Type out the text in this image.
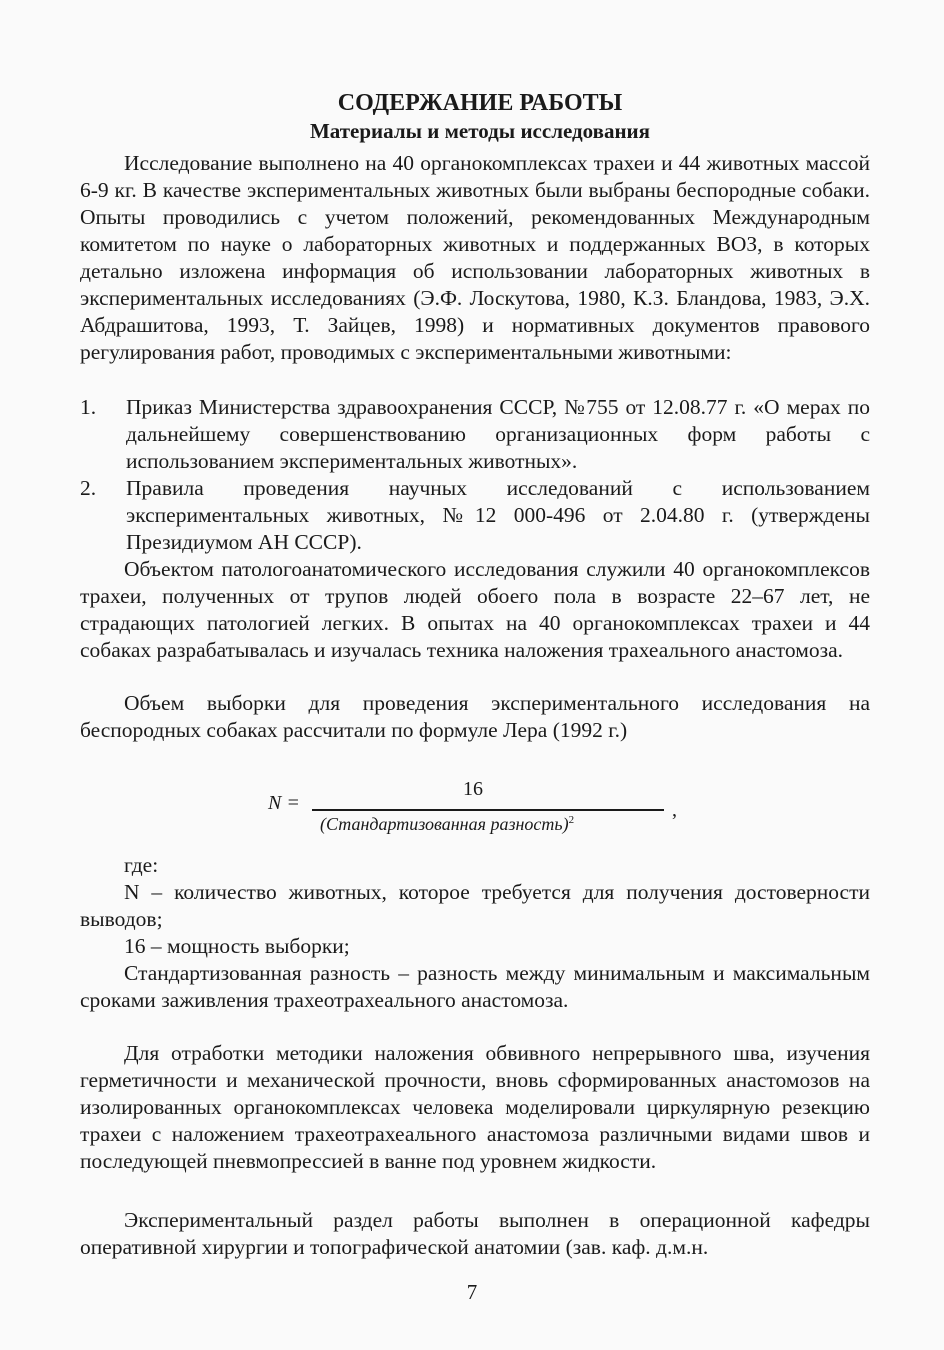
СОДЕРЖАНИЕ РАБОТЫ
Материалы и методы исследования

Исследование выполнено на 40 органокомплексах трахеи и 44 животных массой 6-9 кг. В качестве экспериментальных животных были выбраны беспородные собаки. Опыты проводились с учетом положений, рекомендованных Международным комитетом по науке о лабораторных животных и поддержанных ВОЗ, в которых детально изложена информация об использовании лабораторных животных в экспериментальных исследованиях (Э.Ф. Лоскутова, 1980, К.З. Бландова, 1983, Э.Х. Абдрашитова, 1993, Т. Зайцев, 1998) и нормативных документов правового регулирования работ, проводимых с экспериментальными животными:

1. Приказ Министерства здравоохранения СССР, №755 от 12.08.77 г. «О мерах по дальнейшему совершенствованию организационных форм работы с использованием экспериментальных животных».
2. Правила проведения научных исследований с использованием экспериментальных животных, №12 000-496 от 2.04.80 г. (утверждены Президиумом АН СССР).

Объектом патологоанатомического исследования служили 40 органокомплексов трахеи, полученных от трупов людей обоего пола в возрасте 22–67 лет, не страдающих патологией легких. В опытах на 40 органокомплексах трахеи и 44 собаках разрабатывалась и изучалась техника наложения трахеального анастомоза.

Объем выборки для проведения экспериментального исследования на беспородных собаках рассчитали по формуле Лера (1992 г.)

N =
16
(Стандартизованная разность)$^2$	,

где:

N – количество животных, которое требуется для получения достоверности выводов;

16 – мощность выборки;

Стандартизованная разность – разность между минимальным и максимальным сроками заживления трахеотрахеального анастомоза.

Для отработки методики наложения обвивного непрерывного шва, изучения герметичности и механической прочности, вновь сформированных анастомозов на изолированных органокомплексах человека моделировали циркулярную резекцию трахеи с наложением трахеотрахеального анастомоза различными видами швов и последующей пневмопрессией в ванне под уровнем жидкости.

Экспериментальный раздел работы выполнен в операционной кафедры оперативной хирургии и топографической анатомии (зав. каф. д.м.н.

7
